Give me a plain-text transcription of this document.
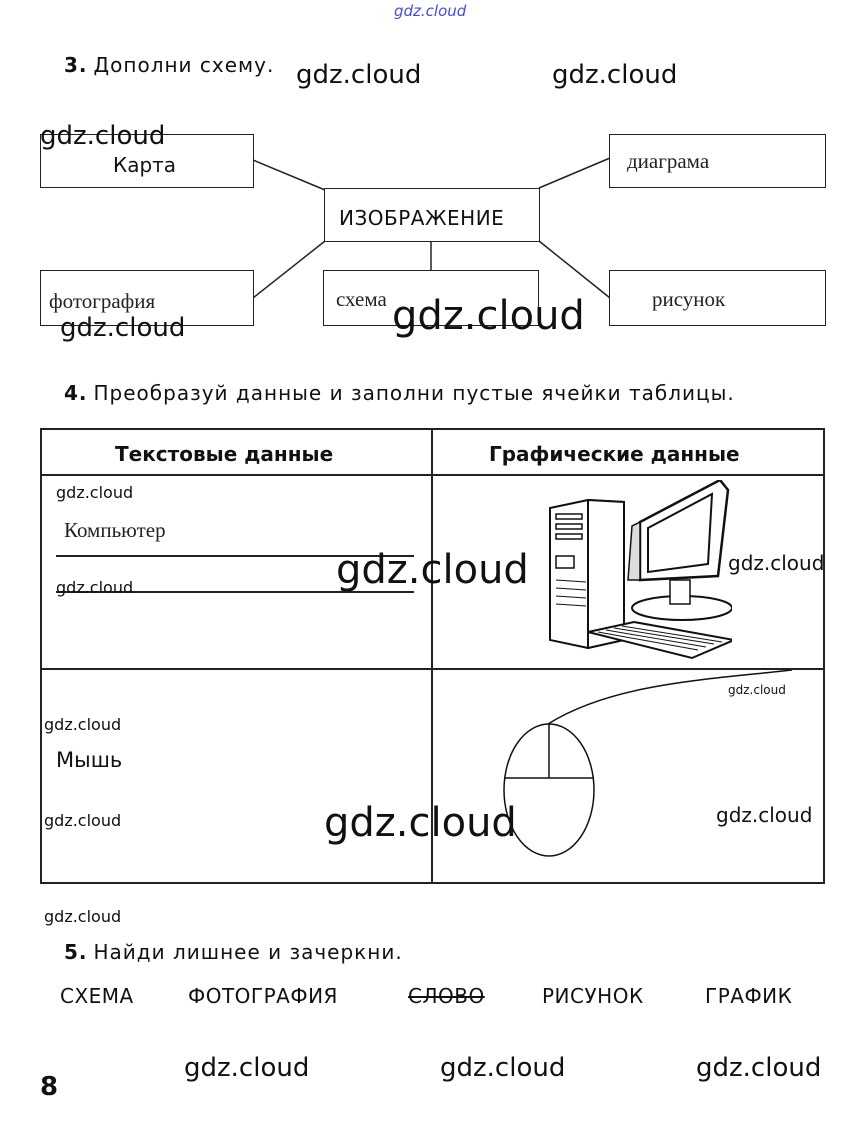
gdz.cloud
3. Дополни схему. gdz.cloud	gdz.cloud
Карта	диаграма
ИЗОБРАЖЕНИЕ
фотография	схема	рисунок
gdz.cloud
gdz.cloud	gdz.cloud
4. Преобразуй данные и заполни пустые ячейки таблицы.
Текстовые данные	Графические данные
Компьютер
Мышь
gdz.cloud
gdz.cloud	gdz.cloud	gdz.cloud
gdz.cloud
gdz.cloud
gdz.cloud	gdz.cloud	gdz.cloud
gdz.cloud
5. Найди лишнее и зачеркни.
СХЕМА	ФОТОГРАФИЯ	СЛОВО	РИСУНОК	ГРАФИК
gdz.cloud	gdz.cloud	gdz.cloud
8
